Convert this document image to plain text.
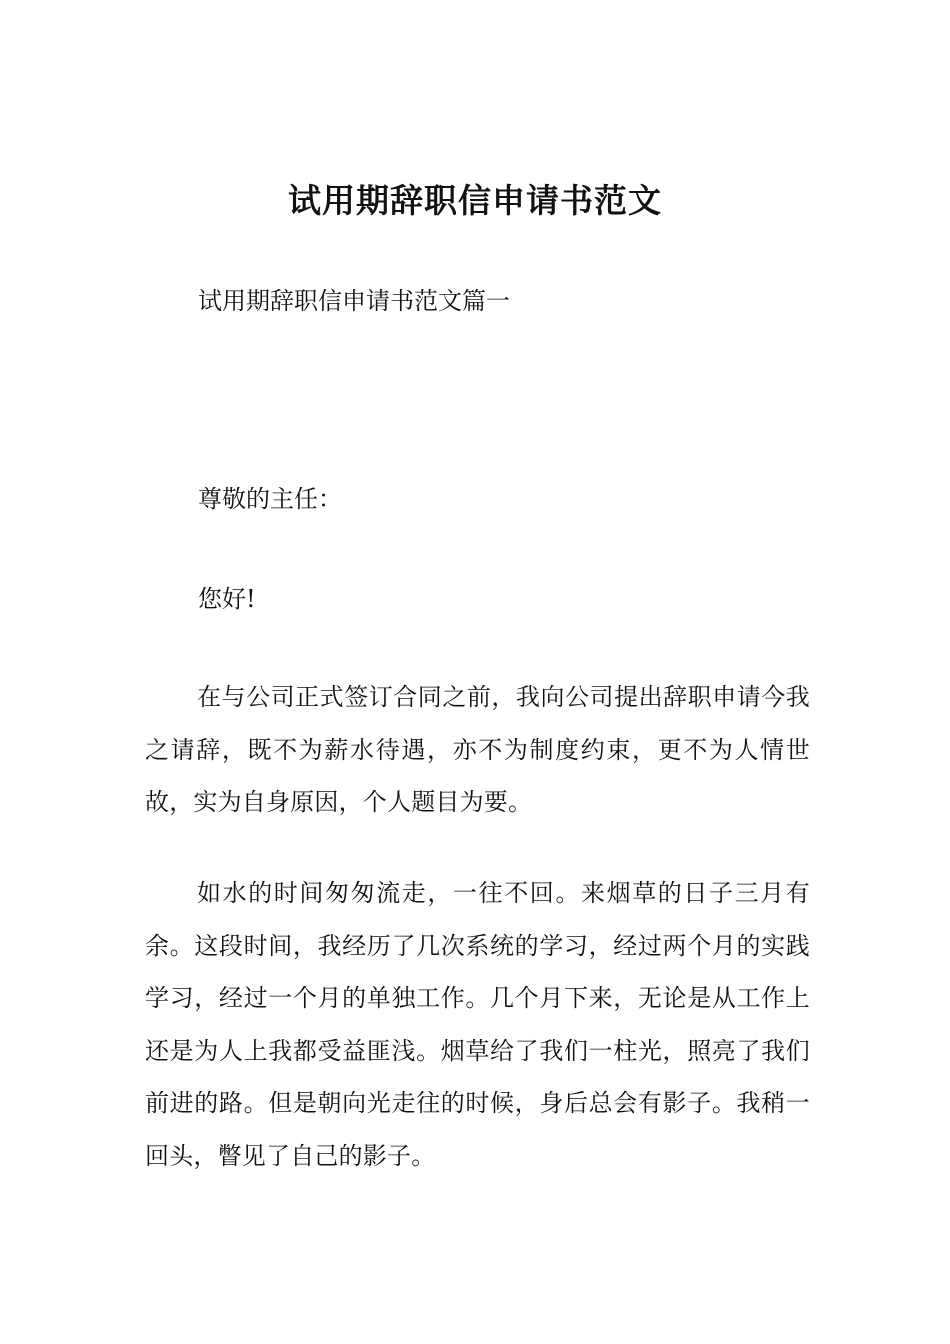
试用期辞职信申请书范文

试用期辞职信申请书范文篇一

尊敬的主任：

您好!

在与公司正式签订合同之前，我向公司提出辞职申请今我之请辞，既不为薪水待遇，亦不为制度约束，更不为人情世故，实为自身原因，个人题目为要。

如水的时间匆匆流走，一往不回。来烟草的日子三月有余。这段时间，我经历了几次系统的学习，经过两个月的实践学习，经过一个月的单独工作。几个月下来，无论是从工作上还是为人上我都受益匪浅。烟草给了我们一柱光，照亮了我们前进的路。但是朝向光走往的时候，身后总会有影子。我稍一回头，瞥见了自己的影子。
